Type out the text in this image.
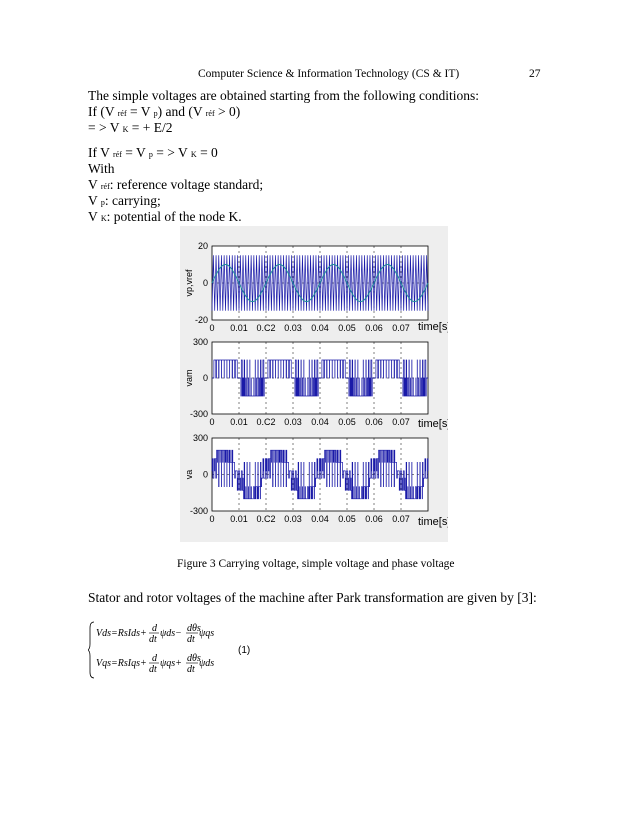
Computer Science & Information Technology (CS & IT)	27
The simple voltages are obtained starting from the following conditions:
If (V réf = V p) and (V réf > 0)
= > V K = + E/2
If V réf = V p = > V K = 0
With
V réf: reference voltage standard;
V p: carrying;
V K: potential of the node K.
20
0
-20
0 0.01 0.C2 0.03 0.04 0.05 0.06 0.07
vp,vref
time[s]
300
0
-300
0 0.01 0.C2 0.03 0.04 0.05 0.06 0.07
vam
time[s]
300
0
-300
0 0.01 0.C2 0.03 0.04 0.05 0.06 0.07
va
time[s]
Figure 3 Carrying voltage, simple voltage and phase voltage
Stator and rotor voltages of the machine after Park transformation are given by [3]:
Vds=RsIds+ d
dt
ψds− dθs
dt
ψqs
Vqs=RsIqs+ d
dt
ψqs+ dθs
dt
ψds
(1)
